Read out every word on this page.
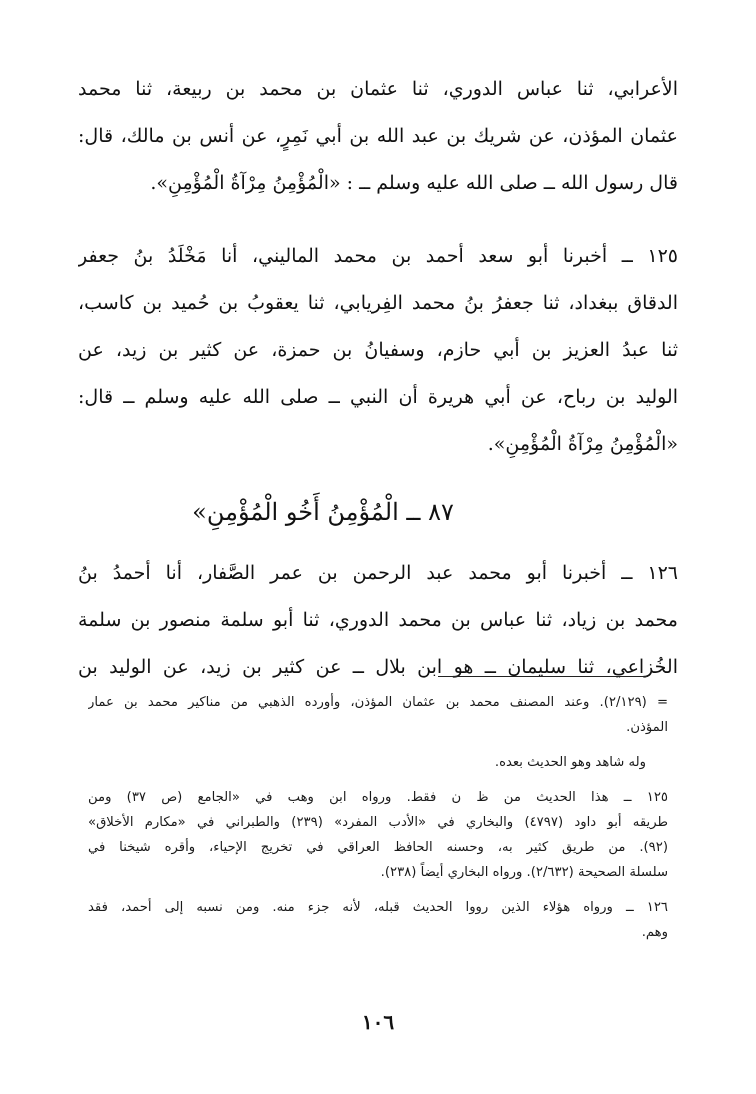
الأعرابي، ثنا عباس الدوري، ثنا عثمان بن محمد بن ربيعة، ثنا محمد
عثمان المؤذن، عن شريك بن عبد الله بن أبي نَمِرٍ، عن أنس بن مالك، قال:
قال رسول الله ــ صلى الله عليه وسلم ــ : «الْمُؤْمِنُ مِرْآةُ الْمُؤْمِنِ».
١٢٥ ــ أخبرنا أبو سعد أحمد بن محمد الماليني، أنا مَخْلَدُ بنُ جعفر
الدقاق ببغداد، ثنا جعفرُ بنُ محمد الفِريابي، ثنا يعقوبُ بن حُميد بن كاسب،
ثنا عبدُ العزيز بن أبي حازم، وسفيانُ بن حمزة، عن كثير بن زيد، عن
الوليد بن رباح، عن أبي هريرة أن النبي ــ صلى الله عليه وسلم ــ قال:
«الْمُؤْمِنُ مِرْآةُ الْمُؤْمِنِ».
٨٧ ــ الْمُؤْمِنُ أَخُو الْمُؤْمِنِ»
١٢٦ ــ أخبرنا أبو محمد عبد الرحمن بن عمر الصَّفار، أنا أحمدُ بنُ
محمد بن زياد، ثنا عباس بن محمد الدوري، ثنا أبو سلمة منصور بن سلمة
الخُزاعي، ثنا سليمان ــ هو ابن بلال ــ عن كثير بن زيد، عن الوليد بن
= (٢/١٢٩). وعند المصنف محمد بن عثمان المؤذن، وأورده الذهبي من مناكير محمد بن عمار
المؤذن.
وله شاهد وهو الحديث بعده.
١٢٥ ــ هذا الحديث من ظ ن فقط. ورواه ابن وهب في «الجامع (ص ٣٧) ومن
طريقه أبو داود (٤٧٩٧) والبخاري في «الأدب المفرد» (٢٣٩) والطبراني في «مكارم الأخلاق»
(٩٢). من طريق كثير به، وحسنه الحافظ العراقي في تخريج الإحياء، وأقره شيخنا في
سلسلة الصحيحة (٢/٦٣٢). ورواه البخاري أيضاً (٢٣٨).
١٢٦ ــ ورواه هؤلاء الذين رووا الحديث قبله، لأنه جزء منه. ومن نسبه إلى أحمد، فقد
وهم.
١٠٦
